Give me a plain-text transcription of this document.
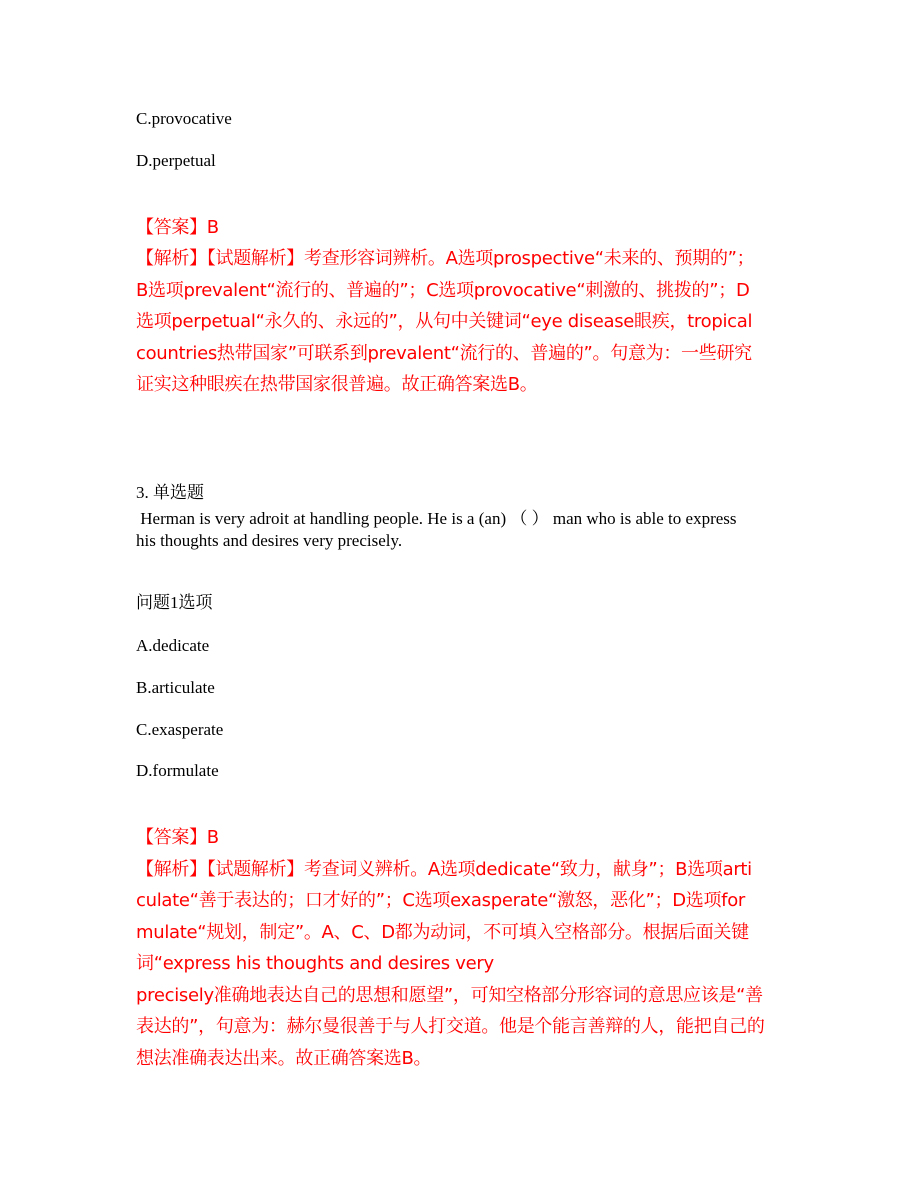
C.provocative
D.perpetual
【答案】B
【解析】【试题解析】考查形容词辨析。A选项prospective“未来的、预期的”；
B选项prevalent“流行的、普遍的”；C选项provocative“刺激的、挑拨的”；D
选项perpetual“永久的、永远的”，从句中关键词“eye disease眼疾，tropical
countries热带国家”可联系到prevalent“流行的、普遍的”。句意为：一些研究
证实这种眼疾在热带国家很普遍。故正确答案选B。
3. 单选题
Herman is very adroit at handling people. He is a (an) （ ） man who is able to express
his thoughts and desires very precisely.
问题1选项
A.dedicate
B.articulate
C.exasperate
D.formulate
【答案】B
【解析】【试题解析】考查词义辨析。A选项dedicate“致力，献身”；B选项arti
culate“善于表达的；口才好的”；C选项exasperate“激怒，恶化”；D选项for
mulate“规划，制定”。A、C、D都为动词，不可填入空格部分。根据后面关键
词“express his thoughts and desires very
precisely准确地表达自己的思想和愿望”，可知空格部分形容词的意思应该是“善
表达的”，句意为：赫尔曼很善于与人打交道。他是个能言善辩的人，能把自己的
想法准确表达出来。故正确答案选B。
